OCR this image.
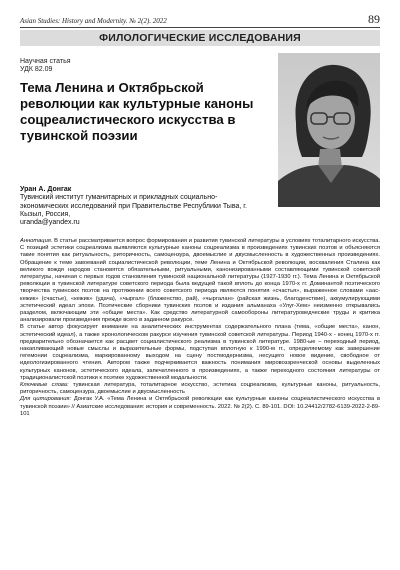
Asian Studies: History and Modernity. № 2(2). 2022	89
ФИЛОЛОГИЧЕСКИЕ ИССЛЕДОВАНИЯ
Научная статья
УДК 82.09
Тема Ленина и Октябрьской революции как культурные каноны соцреалистического искусства в тувинской поэзии
Уран А. Донгак
Тувинский институт гуманитарных и прикладных социально-
экономических исследований при Правительстве Республики Тыва, г. Кызыл, Россия,
uranda@yandex.ru

Аннотация. В статье рассматривается вопрос формирования и развития тувинской литературы в условиях тоталитарного искусства. С позиций эстетики соцреализма выявляются культурные каноны соцреализма в произведениях тувинских поэтов и объясняются такие понятия как ритуальность, риторичность, самоцензура, двоемыслие и двусмысленность в художественных произведениях. Обращение к теме завоеваний социалистической революции, теме Ленина и Октябрьской революции, восхваления Сталина как великого вождя народов становятся обязательными, ритуальными, канонизированными составляющими тувинской советской литературы, начиная с первых годов становления тувинской национальной литературы (1927-1930 гг.). Тема Ленина и Октябрьской революции в тувинской литературе советского периода была ведущей такой вплоть до конца 1970-х гг. Доминантой поэтического творчества тувинских поэтов на протяжении всего советского периода являются понятия «счастья», выраженное словами «аас-кежик» (счастье), «кежик» (удача), «чыргал» (блаженство, рай), «чыргалан» (райская жизнь, благоденствие), аккумулирующими эстетический идеал эпохи. Поэтические сборники тувинских поэтов и издания альманаха «Улуг-Хем» неизменно открывались разделом, включающим эти «общие места». Как средство литературной самообороны литературоведческие труды и критика анализировали произведения прежде всего в заданном ракурсе.

В статье автор фокусирует внимание на аналитических инструментах содержательного плана (тема, «общие места», канон, эстетический идеал), а также хронологическом ракурсе изучения тувинской советской литературы. Период 1940-х - конец 1970-х гг. предварительно обозначается как расцвет социалистического реализма в тувинской литературе. 1980-ые – переходный период, накапливающий новые смыслы и выразительные формы, подступая вплотную к 1990-м гг., определяемому как завершение гегемонии соцреализма, маркированному выходом на сцену постмодернизма, несущего новое видение, свободное от идеологизированного чтения. Автором также подчеркивается важность понимания мировоззренческой основы выделенных культурных канонов, эстетического идеала, запечатленного в произведениях, а также переходного состояния литературы от традиционалистской поэтики к поэтике художественной модальности.

Ключевые слова: тувинская литература, тоталитарное искусство, эстетика соцреализма, культурные каноны, ритуальность, риторичность, самоцензура, двоемыслие и двусмысленность

Для цитирования: Донгак У.А. «Тема Ленина и Октябрьской революции как культурные каноны соцреалистического искусства в тувинской поэзии» // Азиатские исследования: история и современность. 2022. № 2(2). С. 89-101. DOI: 10.24412/2782-6139-2022-2-89-101
